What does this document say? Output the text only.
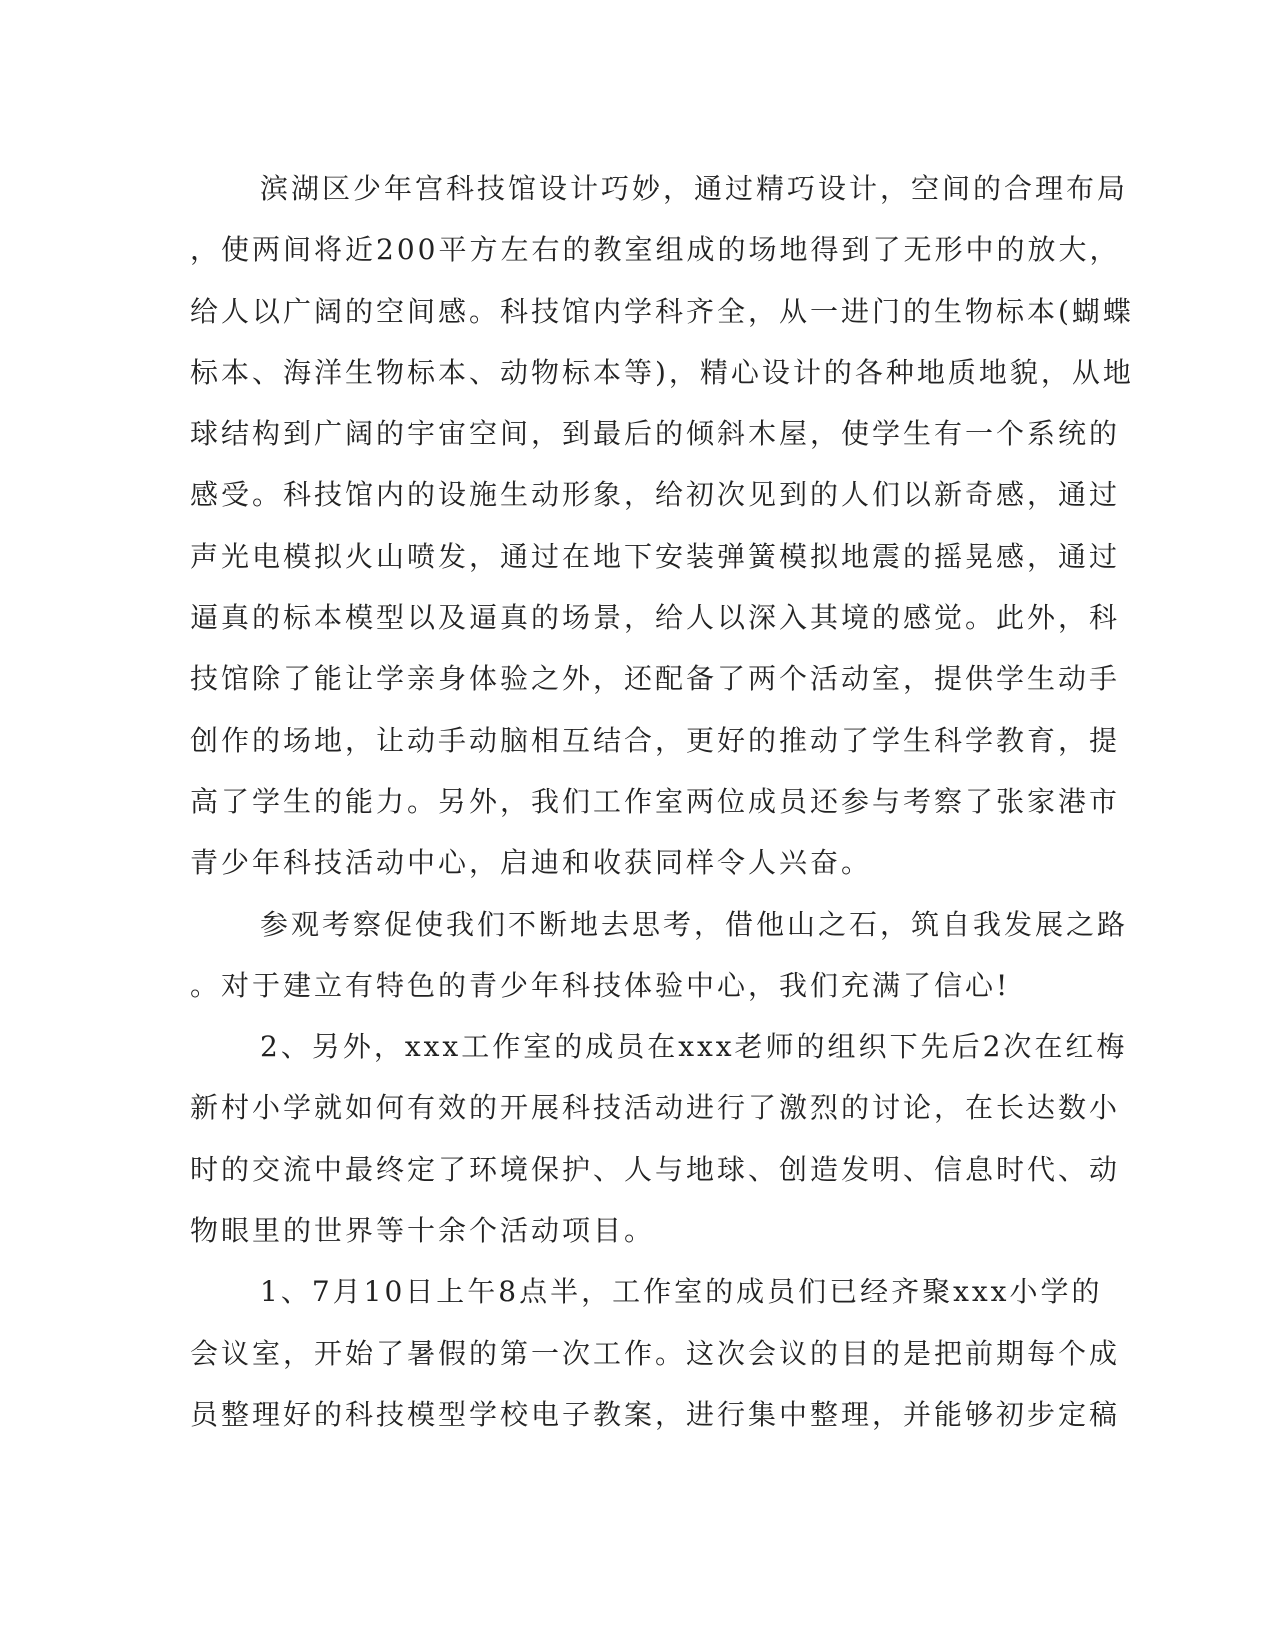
滨湖区少年宫科技馆设计巧妙，通过精巧设计，空间的合理布局
，使两间将近200平方左右的教室组成的场地得到了无形中的放大，
给人以广阔的空间感。科技馆内学科齐全，从一进门的生物标本(蝴蝶
标本、海洋生物标本、动物标本等)，精心设计的各种地质地貌，从地
球结构到广阔的宇宙空间，到最后的倾斜木屋，使学生有一个系统的
感受。科技馆内的设施生动形象，给初次见到的人们以新奇感，通过
声光电模拟火山喷发，通过在地下安装弹簧模拟地震的摇晃感，通过
逼真的标本模型以及逼真的场景，给人以深入其境的感觉。此外，科
技馆除了能让学亲身体验之外，还配备了两个活动室，提供学生动手
创作的场地，让动手动脑相互结合，更好的推动了学生科学教育，提
高了学生的能力。另外，我们工作室两位成员还参与考察了张家港市
青少年科技活动中心，启迪和收获同样令人兴奋。
参观考察促使我们不断地去思考，借他山之石，筑自我发展之路
。对于建立有特色的青少年科技体验中心，我们充满了信心!
2、另外，xxx工作室的成员在xxx老师的组织下先后2次在红梅
新村小学就如何有效的开展科技活动进行了激烈的讨论，在长达数小
时的交流中最终定了环境保护、人与地球、创造发明、信息时代、动
物眼里的世界等十余个活动项目。
1、7月10日上午8点半，工作室的成员们已经齐聚xxx小学的
会议室，开始了暑假的第一次工作。这次会议的目的是把前期每个成
员整理好的科技模型学校电子教案，进行集中整理，并能够初步定稿
